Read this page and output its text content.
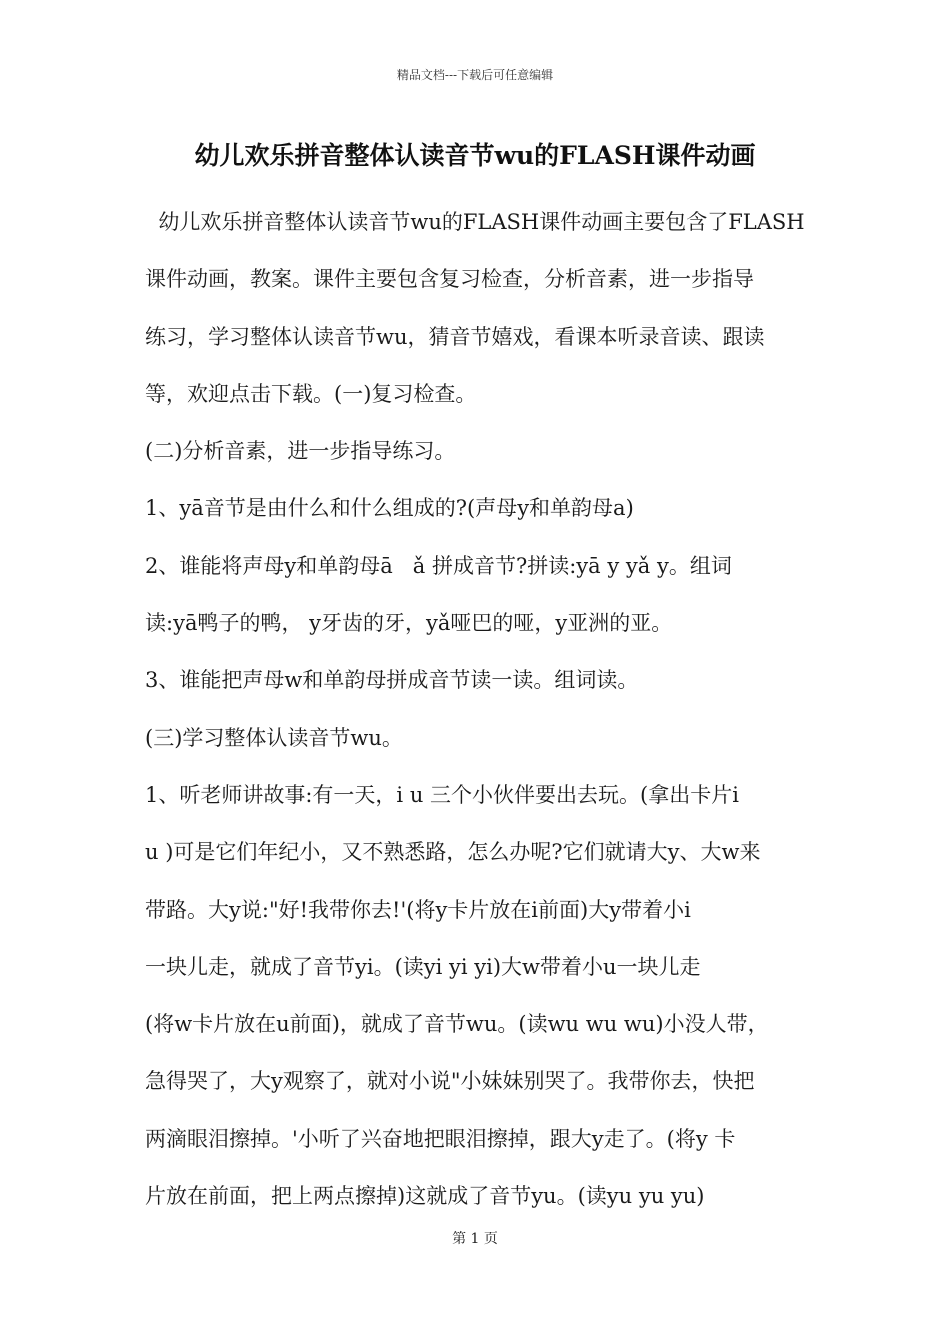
精品文档---下载后可任意编辑
幼儿欢乐拼音整体认读音节wu的FLASH课件动画
幼儿欢乐拼音整体认读音节wu的FLASH课件动画主要包含了FLASH
课件动画，教案。课件主要包含复习检查，分析音素，进一步指导
练习，学习整体认读音节wu，猜音节嬉戏，看课本听录音读、跟读
等，欢迎点击下载。(一)复习检查。
(二)分析音素，进一步指导练习。
1、yā音节是由什么和什么组成的?(声母y和单韵母a)
2、谁能将声母y和单韵母ā   ǎ 拼成音节?拼读:yā y yǎ y。组词
读:yā鸭子的鸭， y牙齿的牙，yǎ哑巴的哑，y亚洲的亚。
3、谁能把声母w和单韵母拼成音节读一读。组词读。
(三)学习整体认读音节wu。
1、听老师讲故事:有一天，i u 三个小伙伴要出去玩。(拿出卡片i
u )可是它们年纪小，又不熟悉路，怎么办呢?它们就请大y、大w来
带路。大y说:"好!我带你去!'(将y卡片放在i前面)大y带着小i
一块儿走，就成了音节yi。(读yi yi yi)大w带着小u一块儿走
(将w卡片放在u前面)，就成了音节wu。(读wu wu wu)小没人带，
急得哭了，大y观察了，就对小说"小妹妹别哭了。我带你去，快把
两滴眼泪擦掉。'小听了兴奋地把眼泪擦掉，跟大y走了。(将y 卡
片放在前面，把上两点擦掉)这就成了音节yu。(读yu yu yu)
第 1 页
